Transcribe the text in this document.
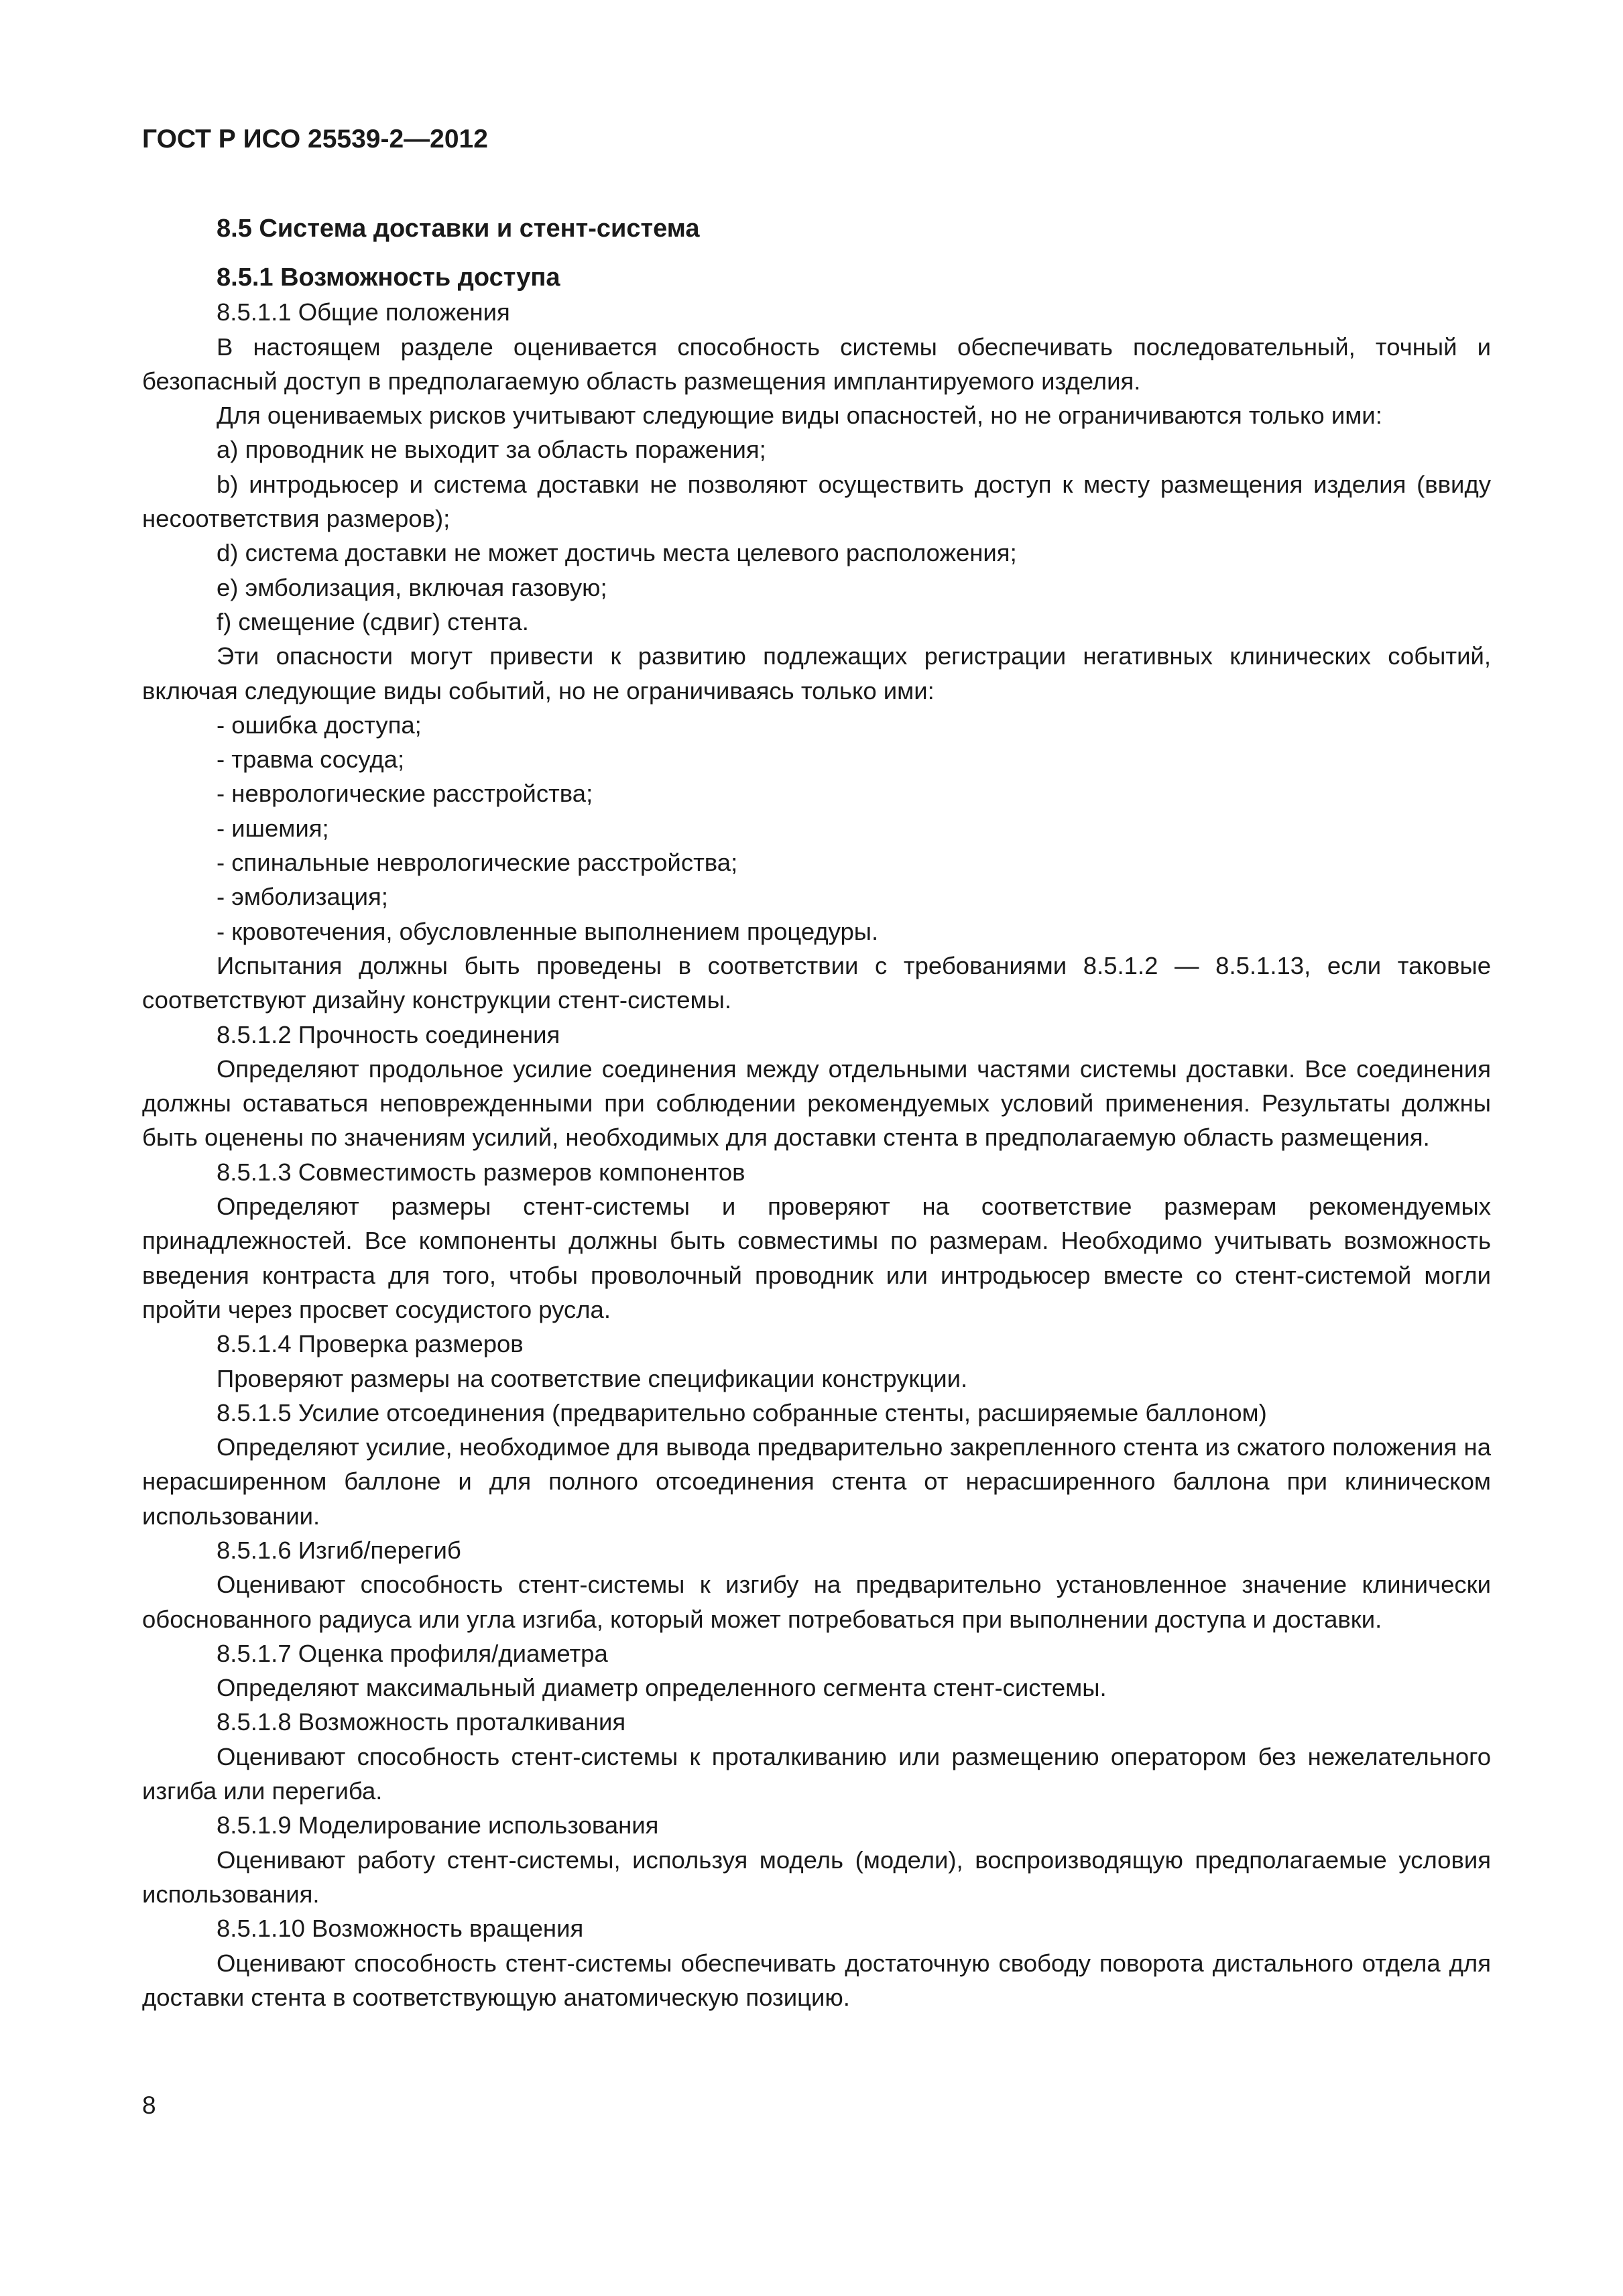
ГОСТ Р ИСО 25539-2—2012
8.5 Система доставки и стент-система
8.5.1 Возможность доступа

8.5.1.1 Общие положения

В настоящем разделе оценивается способность системы обеспечивать последовательный, точный и безопасный доступ в предполагаемую область размещения имплантируемого изделия.

Для оцениваемых рисков учитывают следующие виды опасностей, но не ограничиваются только ими:

a) проводник не выходит за область поражения;

b) интродьюсер и система доставки не позволяют осуществить доступ к месту размещения изделия (ввиду несоответствия размеров);

d) система доставки не может достичь места целевого расположения;

e) эмболизация, включая газовую;

f) смещение (сдвиг) стента.

Эти опасности могут привести к развитию подлежащих регистрации негативных клинических событий, включая следующие виды событий, но не ограничиваясь только ими:

- ошибка доступа;

- травма сосуда;

- неврологические расстройства;

- ишемия;

- спинальные неврологические расстройства;

- эмболизация;

- кровотечения, обусловленные выполнением процедуры.

Испытания должны быть проведены в соответствии с требованиями 8.5.1.2 — 8.5.1.13, если таковые соответствуют дизайну конструкции стент-системы.

8.5.1.2 Прочность соединения

Определяют продольное усилие соединения между отдельными частями системы доставки. Все соединения должны оставаться неповрежденными при соблюдении рекомендуемых условий применения. Результаты должны быть оценены по значениям усилий, необходимых для доставки стента в предполагаемую область размещения.

8.5.1.3 Совместимость размеров компонентов

Определяют размеры стент-системы и проверяют на соответствие размерам рекомендуемых принадлежностей. Все компоненты должны быть совместимы по размерам. Необходимо учитывать возможность введения контраста для того, чтобы проволочный проводник или интродьюсер вместе со стент-системой могли пройти через просвет сосудистого русла.

8.5.1.4 Проверка размеров

Проверяют размеры на соответствие спецификации конструкции.

8.5.1.5 Усилие отсоединения (предварительно собранные стенты, расширяемые баллоном)

Определяют усилие, необходимое для вывода предварительно закрепленного стента из сжатого положения на нерасширенном баллоне и для полного отсоединения стента от нерасширенного баллона при клиническом использовании.

8.5.1.6 Изгиб/перегиб

Оценивают способность стент-системы к изгибу на предварительно установленное значение клинически обоснованного радиуса или угла изгиба, который может потребоваться при выполнении доступа и доставки.

8.5.1.7 Оценка профиля/диаметра

Определяют максимальный диаметр определенного сегмента стент-системы.

8.5.1.8 Возможность проталкивания

Оценивают способность стент-системы к проталкиванию или размещению оператором без нежелательного изгиба или перегиба.

8.5.1.9 Моделирование использования

Оценивают работу стент-системы, используя модель (модели), воспроизводящую предполагаемые условия использования.

8.5.1.10 Возможность вращения

Оценивают способность стент-системы обеспечивать достаточную свободу поворота дистального отдела для доставки стента в соответствующую анатомическую позицию.

8
